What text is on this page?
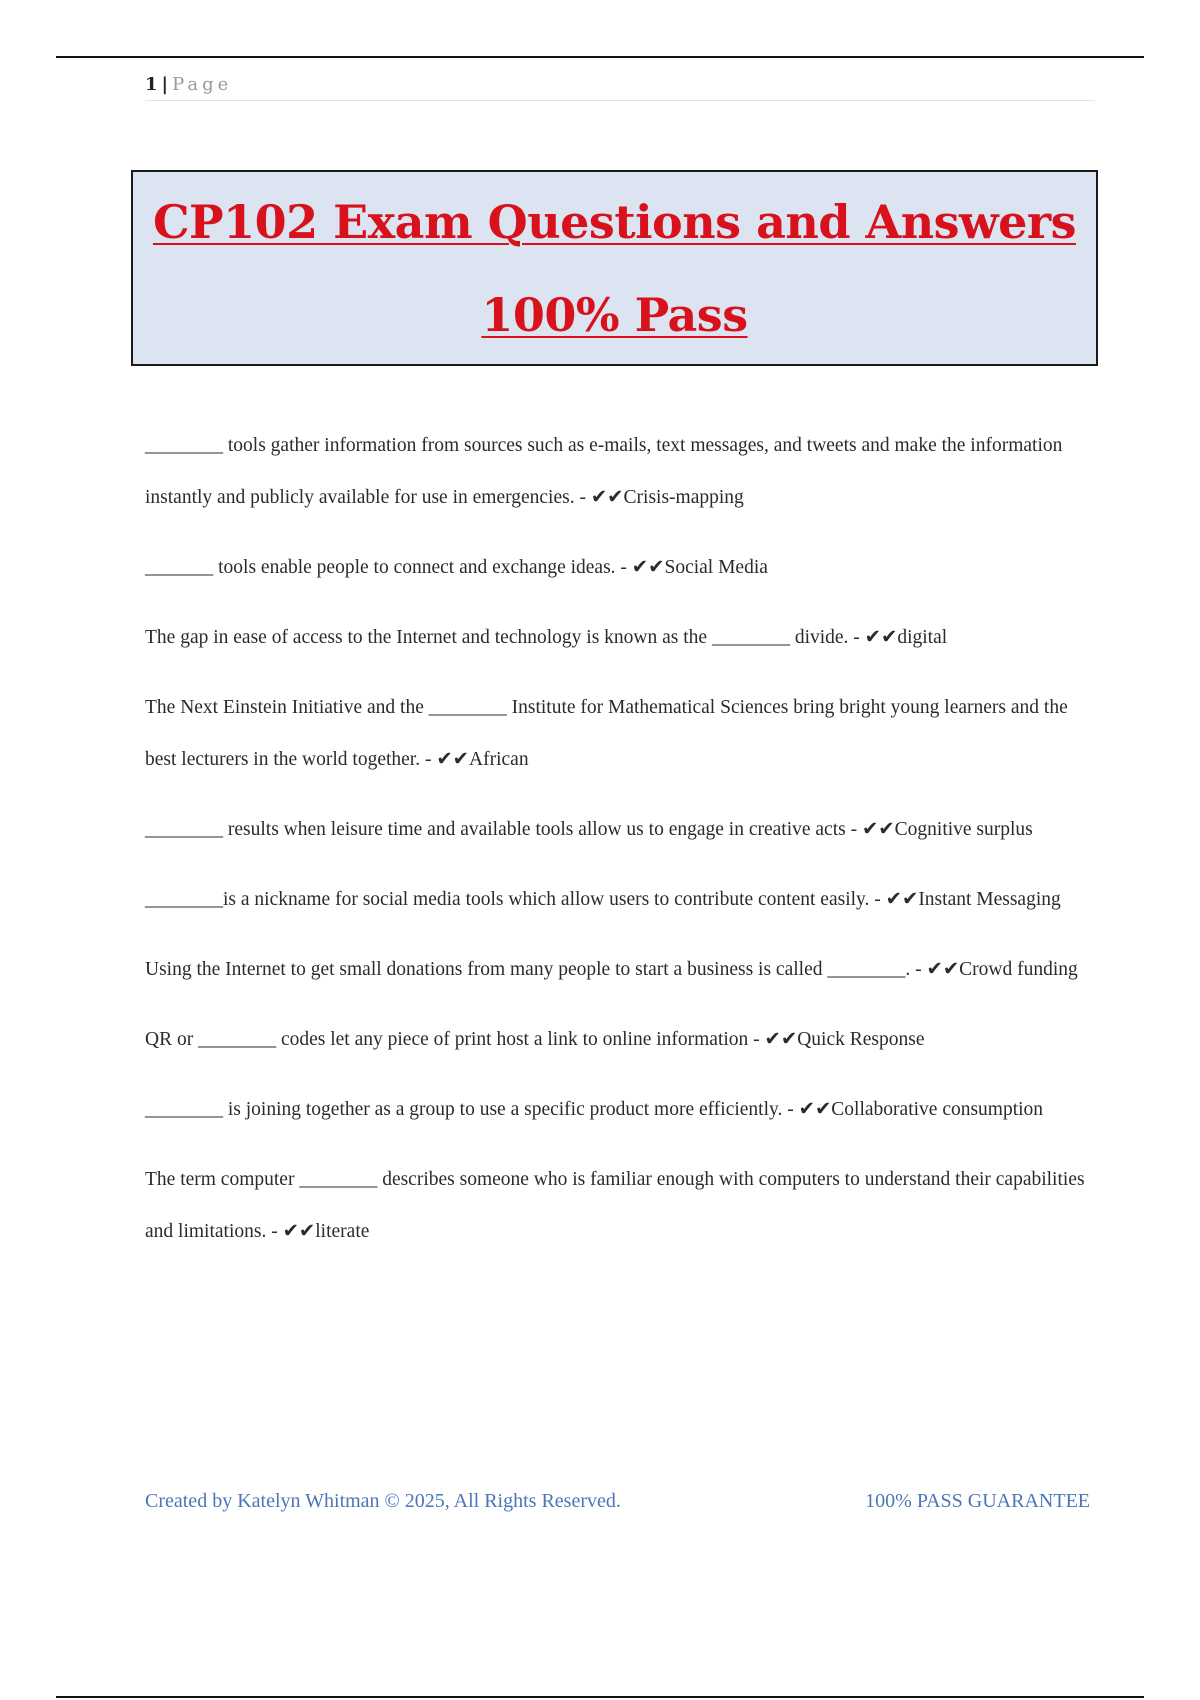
1 | Page
CP102 Exam Questions and Answers
100% Pass

________ tools gather information from sources such as e-mails, text messages, and tweets and make the information instantly and publicly available for use in emergencies. - ✔✔Crisis-mapping

_______ tools enable people to connect and exchange ideas. - ✔✔Social Media

The gap in ease of access to the Internet and technology is known as the ________ divide. - ✔✔digital

The Next Einstein Initiative and the ________ Institute for Mathematical Sciences bring bright young learners and the best lecturers in the world together. - ✔✔African

________ results when leisure time and available tools allow us to engage in creative acts - ✔✔Cognitive surplus

________is a nickname for social media tools which allow users to contribute content easily. - ✔✔Instant Messaging

Using the Internet to get small donations from many people to start a business is called ________. - ✔✔Crowd funding

QR or ________ codes let any piece of print host a link to online information - ✔✔Quick Response

________ is joining together as a group to use a specific product more efficiently. - ✔✔Collaborative consumption

The term computer ________ describes someone who is familiar enough with computers to understand their capabilities and limitations. - ✔✔literate

Created by Katelyn Whitman © 2025, All Rights Reserved.	100% PASS GUARANTEE
